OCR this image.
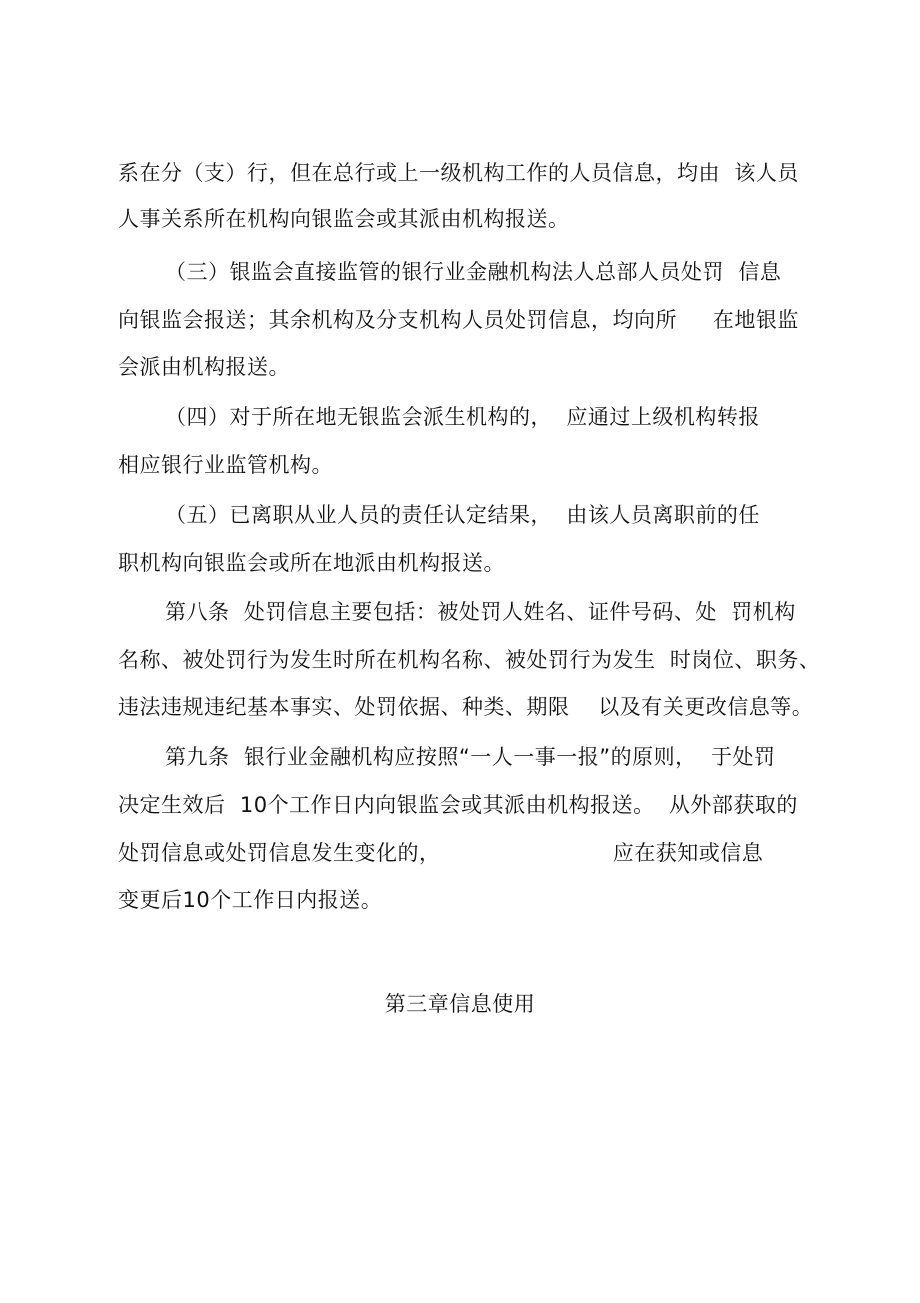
系在分（支）行，但在总行或上一级机构工作的人员信息，均由  该人员
人事关系所在机构向银监会或其派由机构报送。
（三）银监会直接监管的银行业金融机构法人总部人员处罚  信息
向银监会报送；其余机构及分支机构人员处罚信息，均向所     在地银监
会派由机构报送。
（四）对于所在地无银监会派生机构的，  应通过上级机构转报
相应银行业监管机构。
（五）已离职从业人员的责任认定结果，  由该人员离职前的任
职机构向银监会或所在地派由机构报送。
第八条  处罚信息主要包括：被处罚人姓名、证件号码、处  罚机构
名称、被处罚行为发生时所在机构名称、被处罚行为发生  时岗位、职务、
违法违规违纪基本事实、处罚依据、种类、期限    以及有关更改信息等。
第九条  银行业金融机构应按照“一人一事一报”的原则，  于处罚
决定生效后  10个工作日内向银监会或其派由机构报送。  从外部获取的
处罚信息或处罚信息发生变化的，                        应在获知或信息
变更后10个工作日内报送。
第三章信息使用
